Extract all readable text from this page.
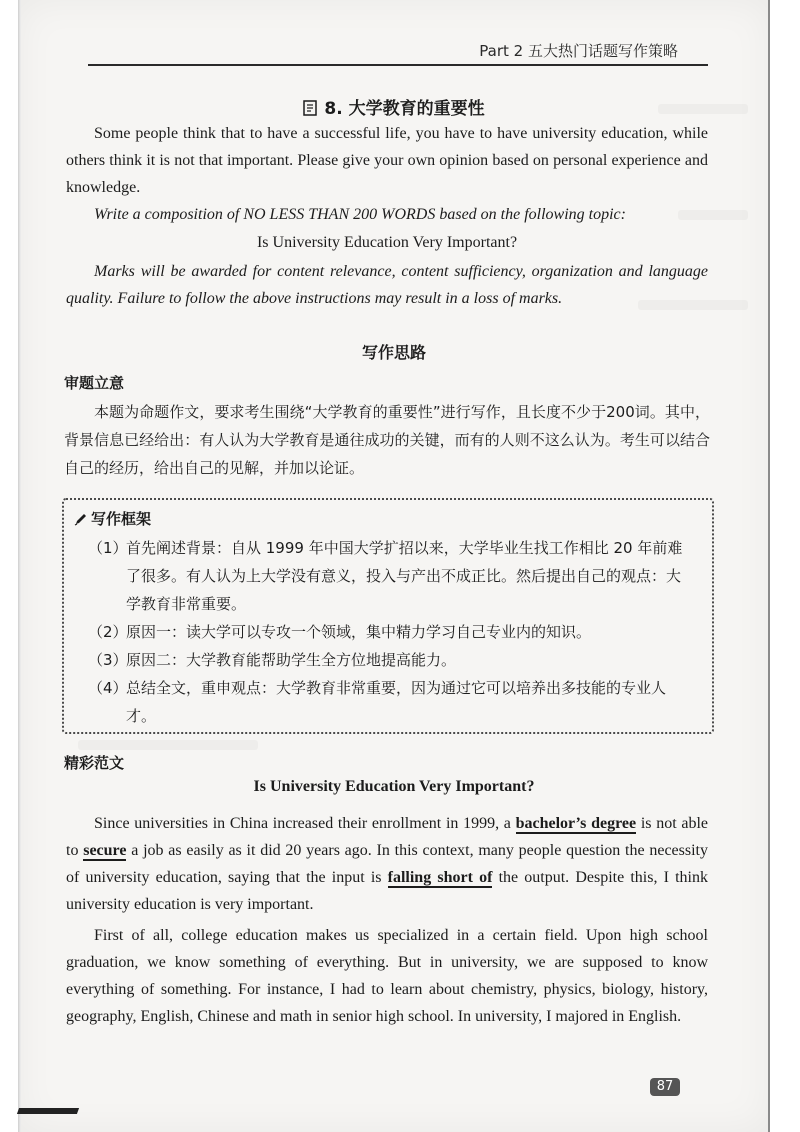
Part 2 五大热门话题写作策略
8. 大学教育的重要性
Some people think that to have a successful life, you have to have university education, while others think it is not that important. Please give your own opinion based on personal experience and knowledge.
Write a composition of NO LESS THAN 200 WORDS based on the following topic:
Is University Education Very Important?
Marks will be awarded for content relevance, content sufficiency, organization and language quality. Failure to follow the above instructions may result in a loss of marks.
写作思路
审题立意
本题为命题作文，要求考生围绕“大学教育的重要性”进行写作，且长度不少于200词。其中，背景信息已经给出：有人认为大学教育是通往成功的关键，而有的人则不这么认为。考生可以结合自己的经历，给出自己的见解，并加以论证。
写作框架
（1）
首先阐述背景：自从 1999 年中国大学扩招以来，大学毕业生找工作相比 20 年前难了很多。有人认为上大学没有意义，投入与产出不成正比。然后提出自己的观点：大学教育非常重要。
（2）
原因一：读大学可以专攻一个领域，集中精力学习自己专业内的知识。
（3）
原因二：大学教育能帮助学生全方位地提高能力。
（4）
总结全文，重申观点：大学教育非常重要，因为通过它可以培养出多技能的专业人才。
精彩范文
Is University Education Very Important?
Since universities in China increased their enrollment in 1999, a bachelor’s degree is not able to secure a job as easily as it did 20 years ago. In this context, many people question the necessity of university education, saying that the input is falling short of the output. Despite this, I think university education is very important.
First of all, college education makes us specialized in a certain field. Upon high school graduation, we know something of everything. But in university, we are supposed to know everything of something. For instance, I had to learn about chemistry, physics, biology, history, geography, English, Chinese and math in senior high school. In university, I majored in English.
87
